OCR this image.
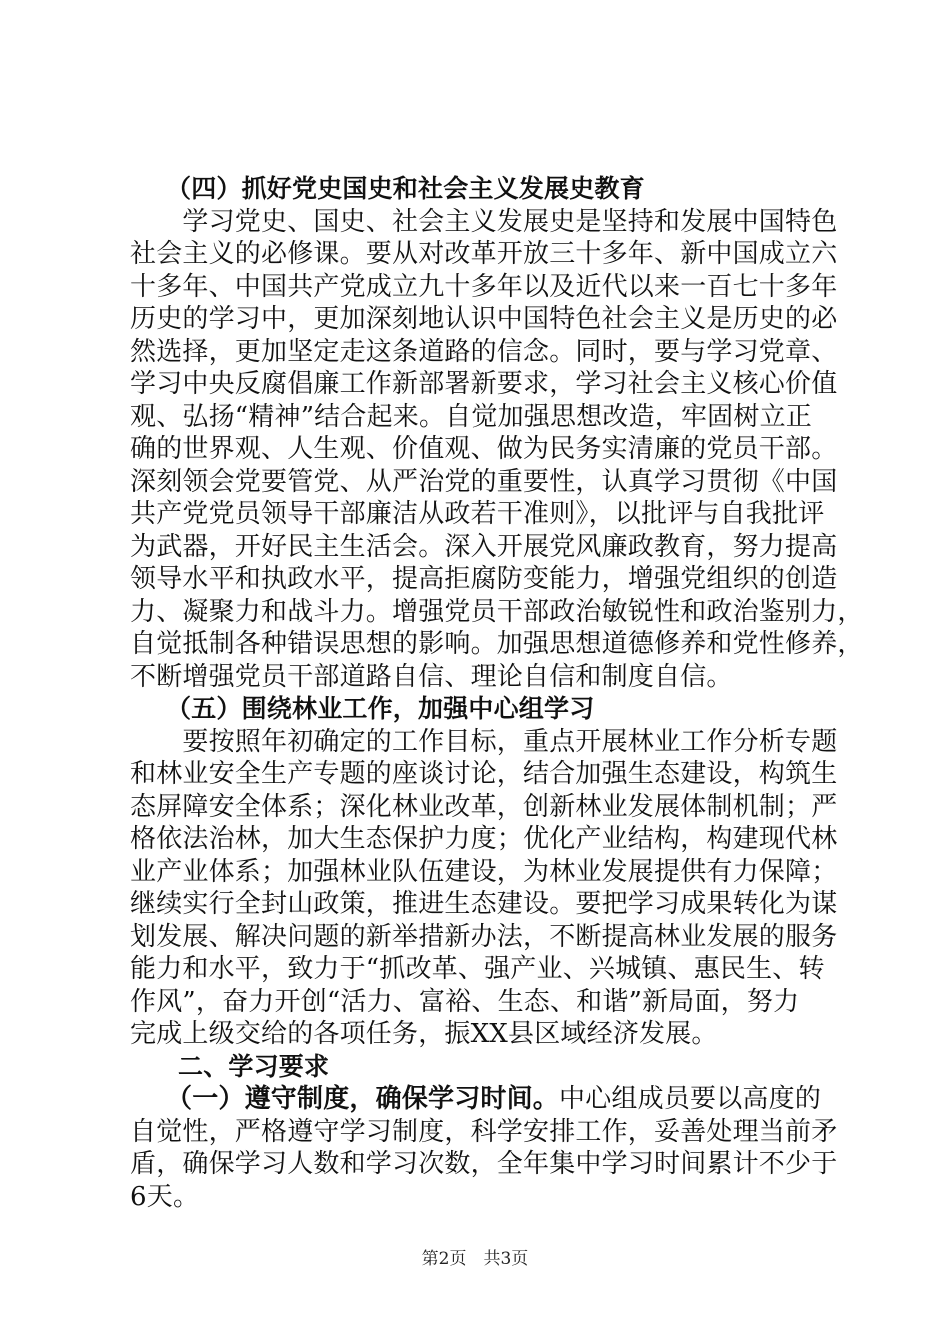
（四）抓好党史国史和社会主义发展史教育
　　学习党史、国史、社会主义发展史是坚持和发展中国特色
社会主义的必修课。要从对改革开放三十多年、新中国成立六
十多年、中国共产党成立九十多年以及近代以来一百七十多年
历史的学习中，更加深刻地认识中国特色社会主义是历史的必
然选择，更加坚定走这条道路的信念。同时，要与学习党章、
学习中央反腐倡廉工作新部署新要求，学习社会主义核心价值
观、弘扬“精神”结合起来。自觉加强思想改造，牢固树立正
确的世界观、人生观、价值观、做为民务实清廉的党员干部。
深刻领会党要管党、从严治党的重要性，认真学习贯彻《中国
共产党党员领导干部廉洁从政若干准则》，以批评与自我批评
为武器，开好民主生活会。深入开展党风廉政教育，努力提高
领导水平和执政水平，提高拒腐防变能力，增强党组织的创造
力、凝聚力和战斗力。增强党员干部政治敏锐性和政治鉴别力，
自觉抵制各种错误思想的影响。加强思想道德修养和党性修养，
不断增强党员干部道路自信、理论自信和制度自信。
（五）围绕林业工作，加强中心组学习
　　要按照年初确定的工作目标，重点开展林业工作分析专题
和林业安全生产专题的座谈讨论，结合加强生态建设，构筑生
态屏障安全体系；深化林业改革，创新林业发展体制机制；严
格依法治林，加大生态保护力度；优化产业结构，构建现代林
业产业体系；加强林业队伍建设，为林业发展提供有力保障；
继续实行全封山政策，推进生态建设。要把学习成果转化为谋
划发展、解决问题的新举措新办法，不断提高林业发展的服务
能力和水平，致力于“抓改革、强产业、兴城镇、惠民生、转
作风”，奋力开创“活力、富裕、生态、和谐”新局面，努力
完成上级交给的各项任务，振XX县区域经济发展。
二、学习要求
（一）遵守制度，确保学习时间。中心组成员要以高度的
自觉性，严格遵守学习制度，科学安排工作，妥善处理当前矛
盾，确保学习人数和学习次数，全年集中学习时间累计不少于
6天。
第2页　共3页
